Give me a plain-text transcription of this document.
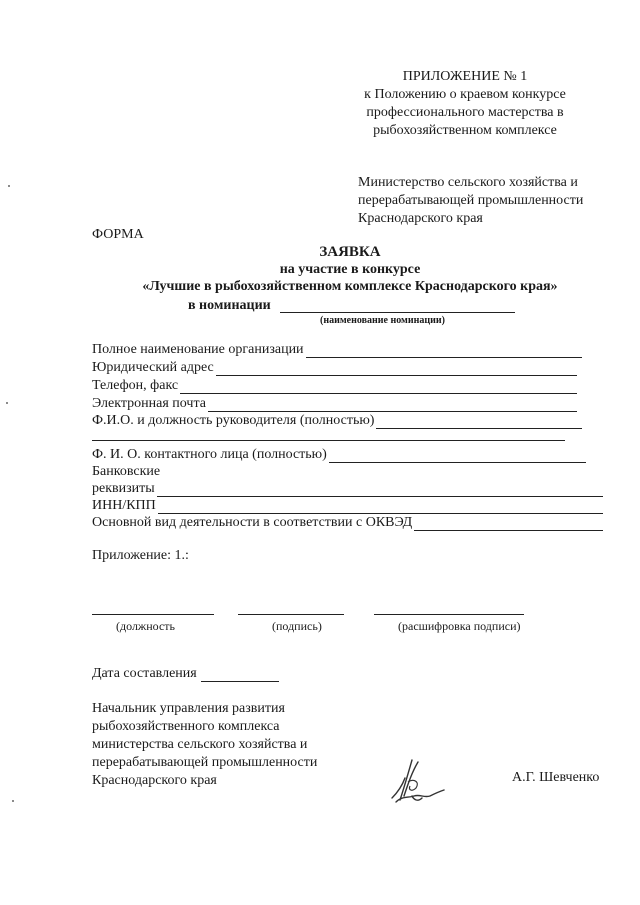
ПРИЛОЖЕНИЕ № 1
к Положению о краевом конкурсе
профессионального мастерства в
рыбохозяйственном комплексе
Министерство сельского хозяйства и
перерабатывающей промышленности
Краснодарского края
ФОРМА
ЗАЯВКА
на участие в конкурсе
«Лучшие в рыбохозяйственном комплексе Краснодарского края»
в номинации
(наименование номинации)
Полное наименование организации
Юридический адрес
Телефон, факс
Электронная почта
Ф.И.О. и должность руководителя (полностью)
Ф. И. О. контактного лица (полностью)
Банковские
реквизиты
ИНН/КПП
Основной вид деятельности в соответствии с ОКВЭД
Приложение: 1.:
(должность	(подпись)	(расшифровка подписи)
Дата составления
Начальник управления развития
рыбохозяйственного комплекса
министерства сельского хозяйства и
перерабатывающей промышленности
Краснодарского края	А.Г. Шевченко
